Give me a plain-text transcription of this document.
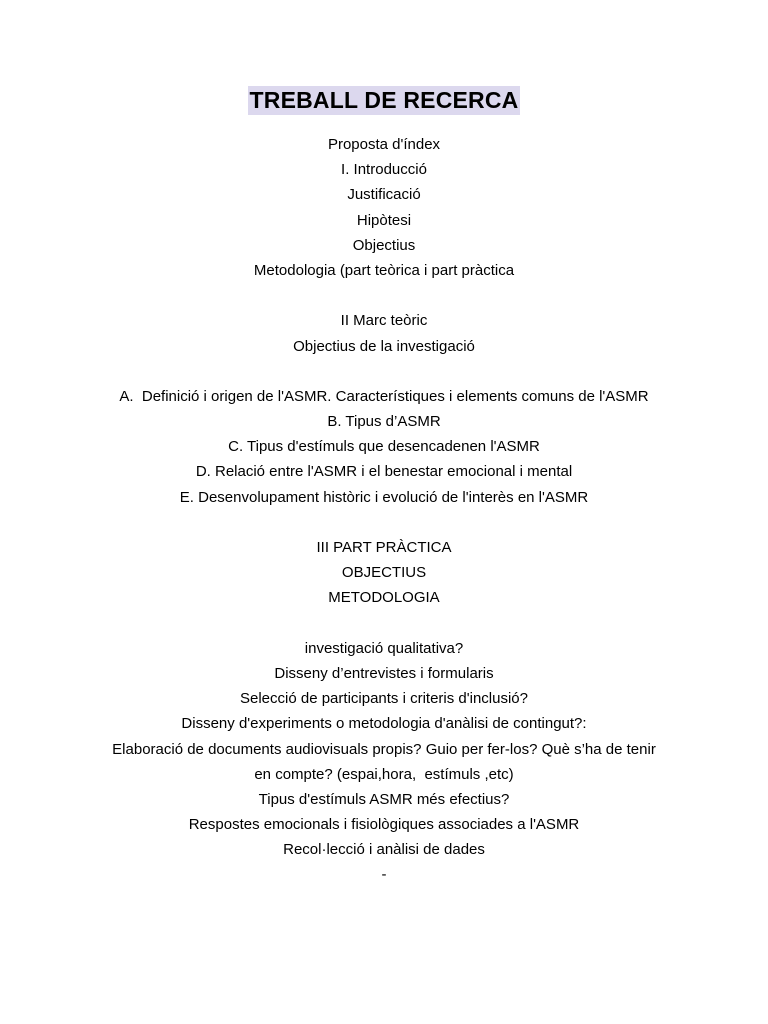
TREBALL DE RECERCA
Proposta d'índex
I. Introducció
Justificació
Hipòtesi
Objectius
Metodologia (part teòrica i part pràctica
II Marc teòric
Objectius de la investigació
A.  Definició i origen de l'ASMR. Característiques i elements comuns de l'ASMR
B. Tipus d’ASMR
C. Tipus d'estímuls que desencadenen l'ASMR
D. Relació entre l'ASMR i el benestar emocional i mental
E. Desenvolupament històric i evolució de l'interès en l'ASMR
III PART PRÀCTICA
OBJECTIUS
METODOLOGIA
investigació qualitativa?
Disseny d’entrevistes i formularis
Selecció de participants i criteris d'inclusió?
Disseny d'experiments o metodologia d'anàlisi de contingut?:
Elaboració de documents audiovisuals propis? Guio per fer-los? Què s’ha de tenir
en compte? (espai,hora,  estímuls ,etc)
Tipus d'estímuls ASMR més efectius?
Respostes emocionals i fisiològiques associades a l'ASMR
Recol·lecció i anàlisi de dades
-
